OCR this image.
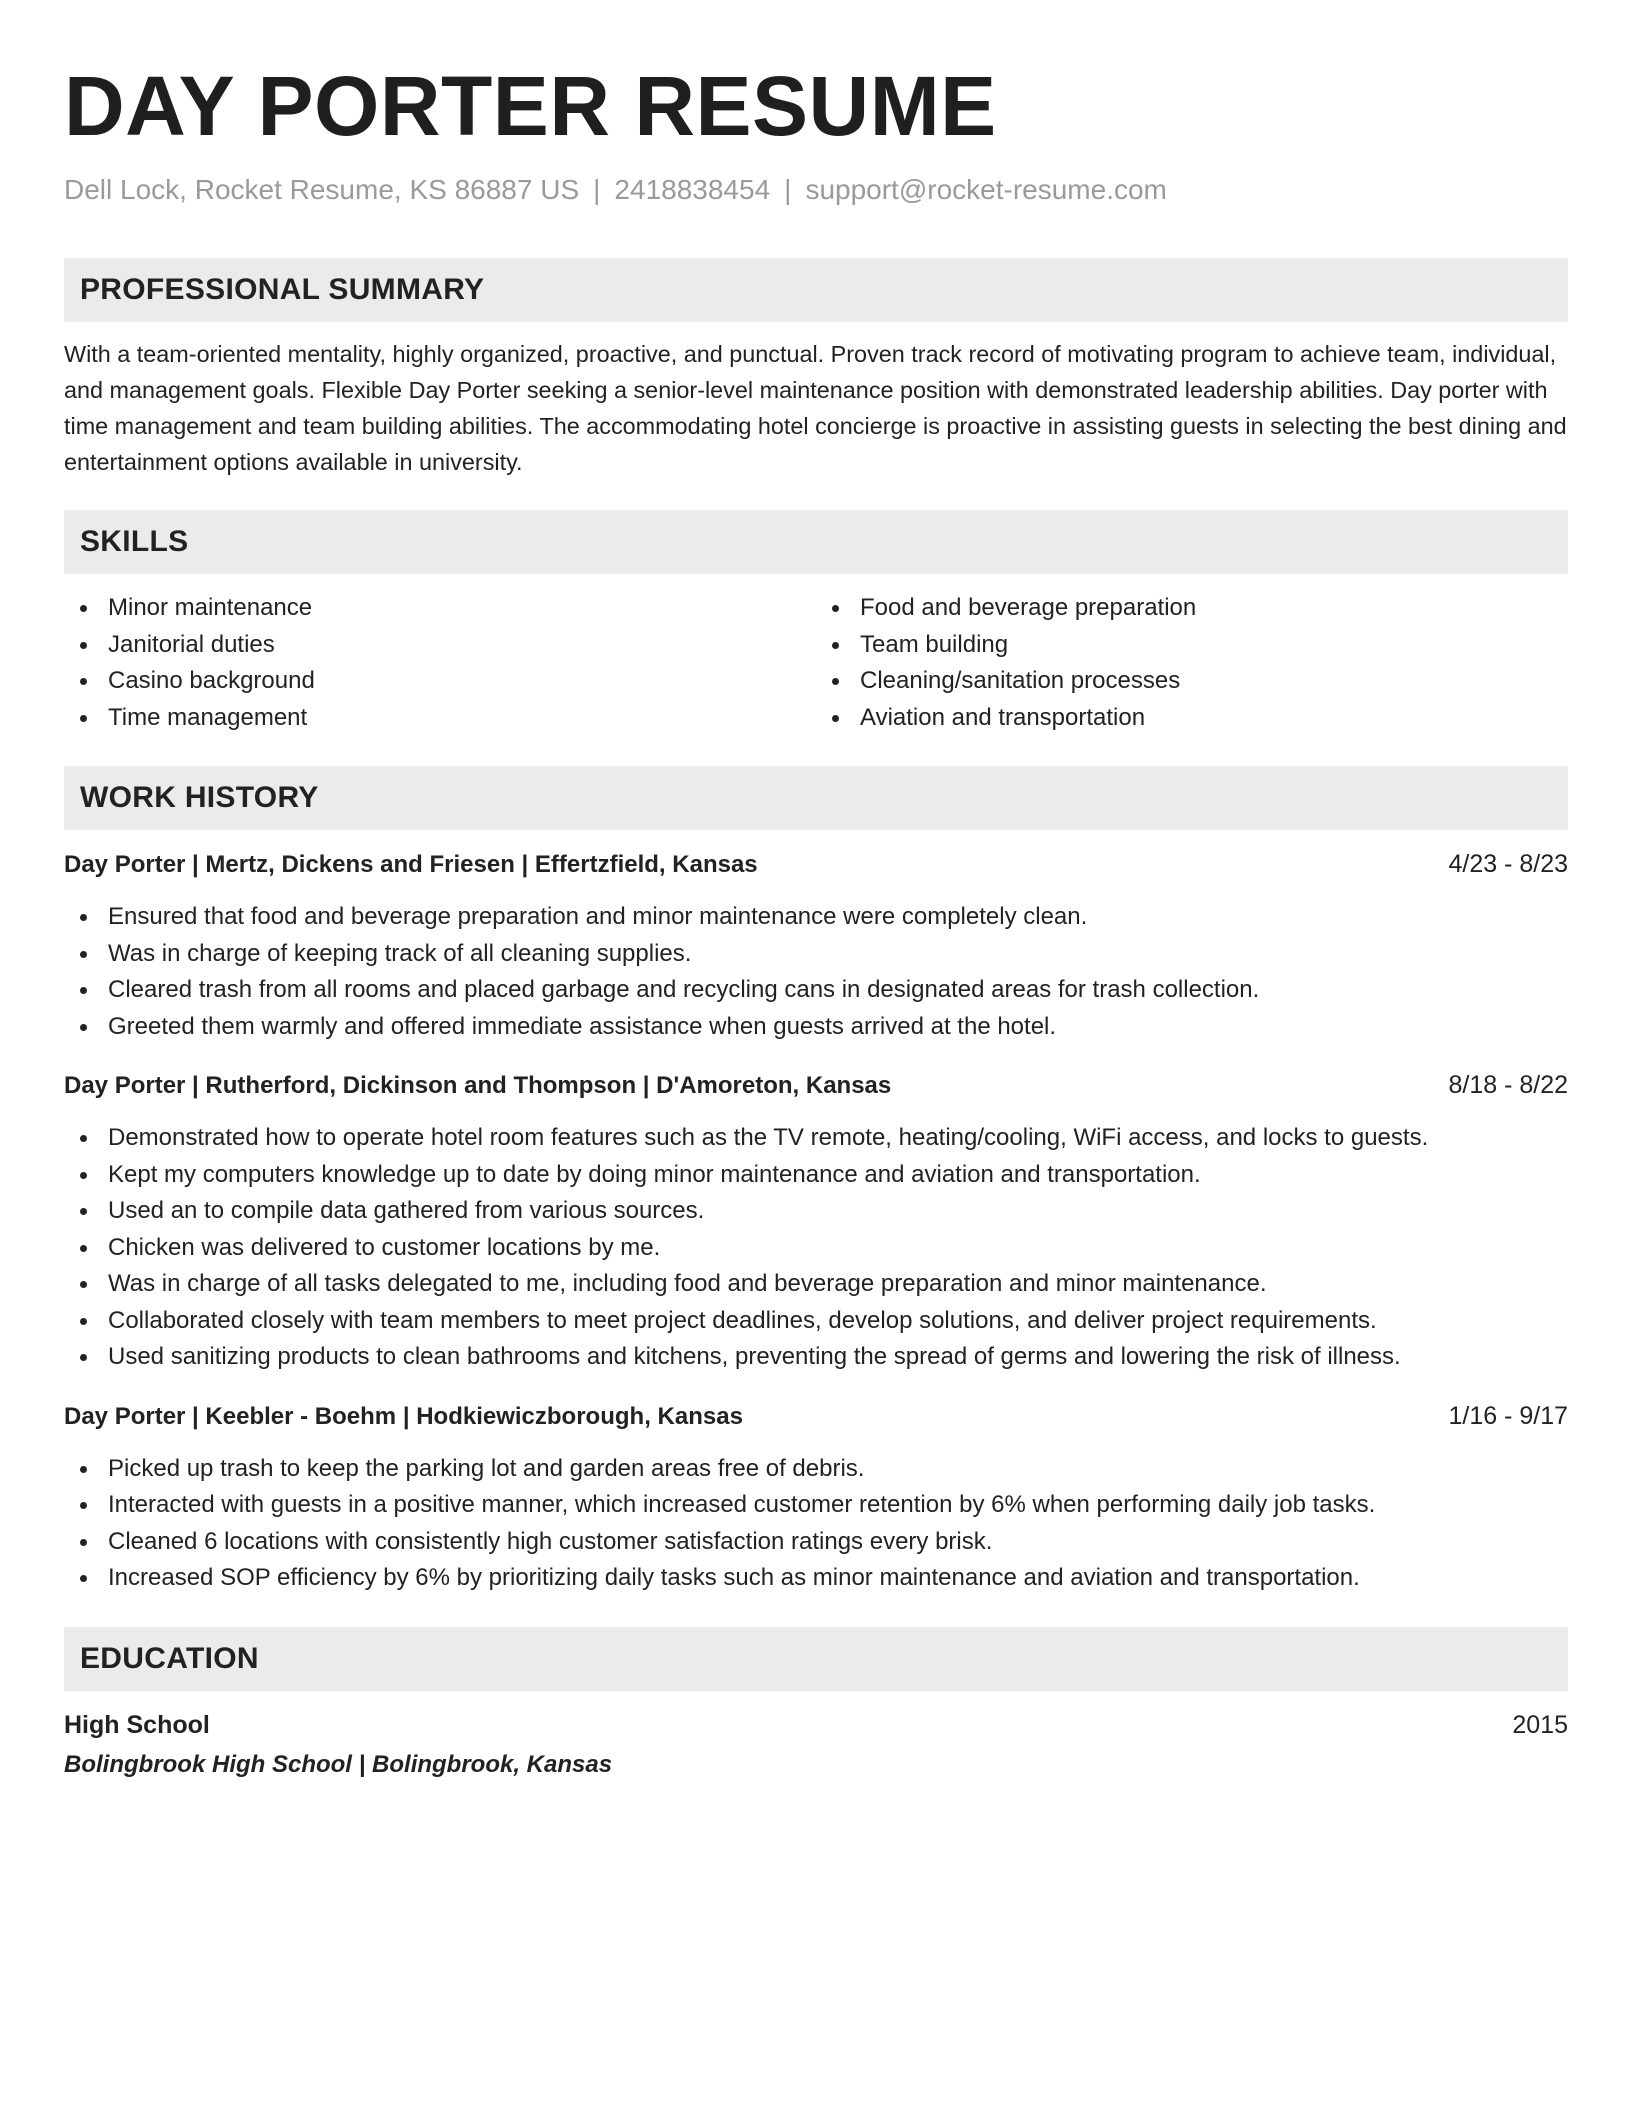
DAY PORTER RESUME
Dell Lock, Rocket Resume, KS 86887 US | 2418838454 | support@rocket-resume.com
PROFESSIONAL SUMMARY

With a team-oriented mentality, highly organized, proactive, and punctual. Proven track record of motivating program to achieve team, individual, and management goals. Flexible Day Porter seeking a senior-level maintenance position with demonstrated leadership abilities. Day porter with time management and team building abilities. The accommodating hotel concierge is proactive in assisting guests in selecting the best dining and entertainment options available in university.

SKILLS
Minor maintenance
Janitorial duties
Casino background
Time management
Food and beverage preparation
Team building
Cleaning/sanitation processes
Aviation and transportation
WORK HISTORY
Day Porter | Mertz, Dickens and Friesen | Effertzfield, Kansas	4/23 - 8/23
Ensured that food and beverage preparation and minor maintenance were completely clean.
Was in charge of keeping track of all cleaning supplies.
Cleared trash from all rooms and placed garbage and recycling cans in designated areas for trash collection.
Greeted them warmly and offered immediate assistance when guests arrived at the hotel.
Day Porter | Rutherford, Dickinson and Thompson | D'Amoreton, Kansas	8/18 - 8/22
Demonstrated how to operate hotel room features such as the TV remote, heating/cooling, WiFi access, and locks to guests.
Kept my computers knowledge up to date by doing minor maintenance and aviation and transportation.
Used an to compile data gathered from various sources.
Chicken was delivered to customer locations by me.
Was in charge of all tasks delegated to me, including food and beverage preparation and minor maintenance.
Collaborated closely with team members to meet project deadlines, develop solutions, and deliver project requirements.
Used sanitizing products to clean bathrooms and kitchens, preventing the spread of germs and lowering the risk of illness.
Day Porter | Keebler - Boehm | Hodkiewiczborough, Kansas	1/16 - 9/17
Picked up trash to keep the parking lot and garden areas free of debris.
Interacted with guests in a positive manner, which increased customer retention by 6% when performing daily job tasks.
Cleaned 6 locations with consistently high customer satisfaction ratings every brisk.
Increased SOP efficiency by 6% by prioritizing daily tasks such as minor maintenance and aviation and transportation.
EDUCATION
High School	2015
Bolingbrook High School | Bolingbrook, Kansas
